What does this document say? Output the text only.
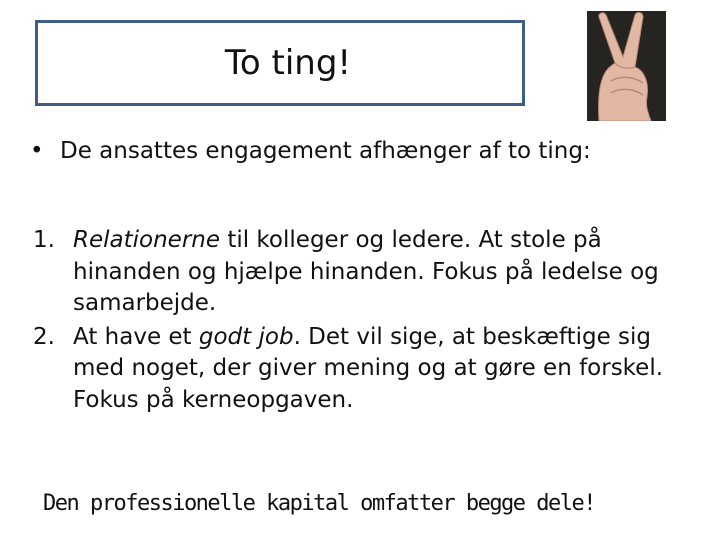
To ting!
• De ansattes engagement afhænger af to ting:

1. Relationerne til kolleger og ledere. At stole på hinanden og hjælpe hinanden. Fokus på ledelse og samarbejde.

2. At have et godt job. Det vil sige, at beskæftige sig med noget, der giver mening og at gøre en forskel. Fokus på kerneopgaven.

Den professionelle kapital omfatter begge dele!
